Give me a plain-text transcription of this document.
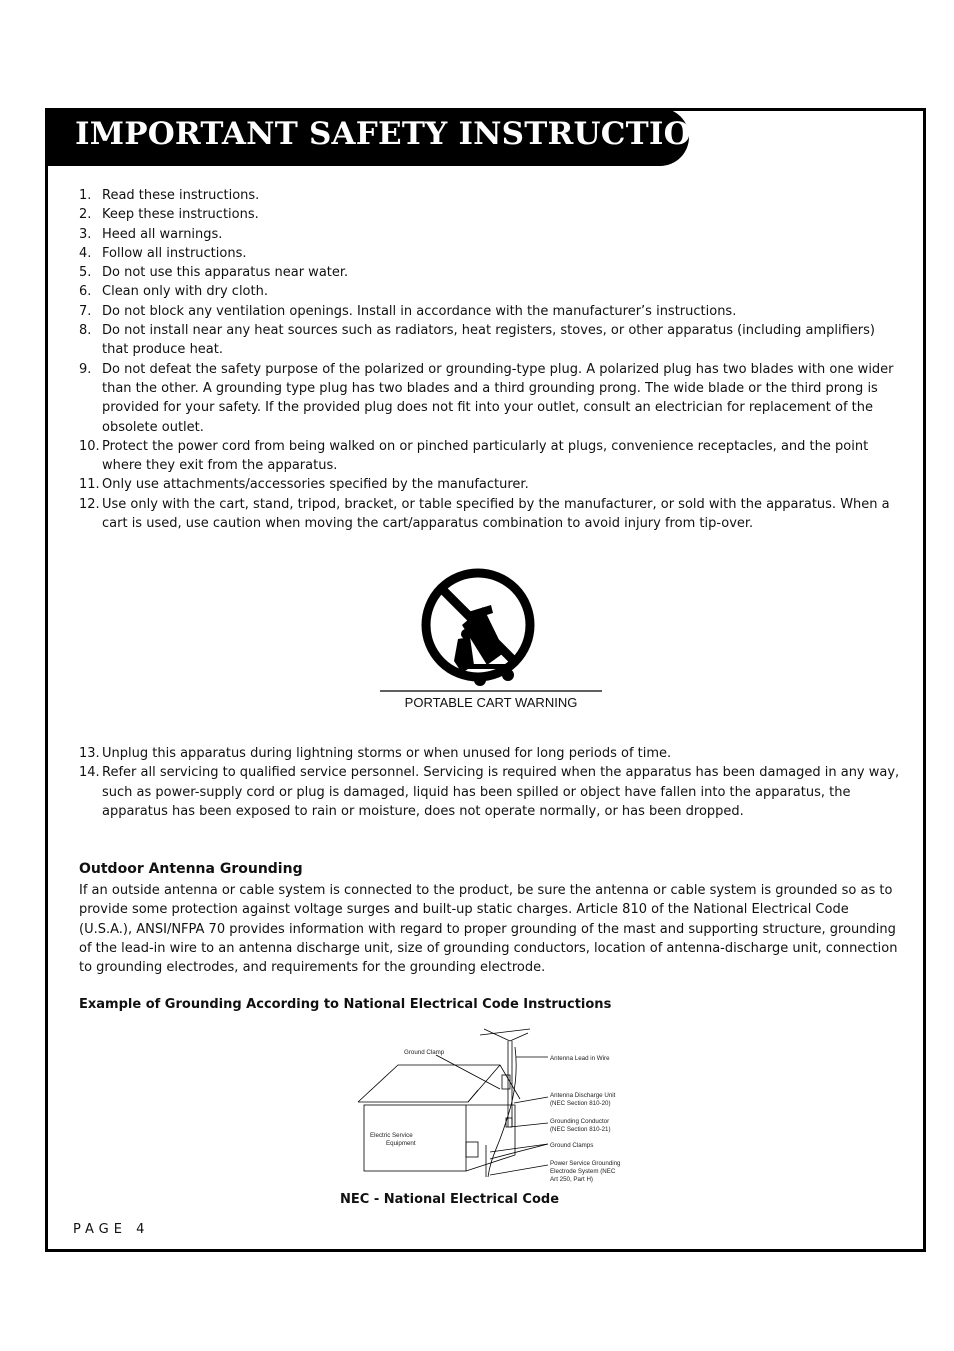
IMPORTANT SAFETY INSTRUCTIONS
1. Read these instructions.
2. Keep these instructions.
3. Heed all warnings.
4. Follow all instructions.
5. Do not use this apparatus near water.
6. Clean only with dry cloth.
7. Do not block any ventilation openings. Install in accordance with the manufacturer’s instructions.
8. Do not install near any heat sources such as radiators, heat registers, stoves, or other apparatus (including amplifiers) that produce heat.
9. Do not defeat the safety purpose of the polarized or grounding-type plug. A polarized plug has two blades with one wider than the other. A grounding type plug has two blades and a third grounding prong. The wide blade or the third prong is provided for your safety. If the provided plug does not fit into your outlet, consult an electrician for replacement of the obsolete outlet.
10. Protect the power cord from being walked on or pinched particularly at plugs, convenience receptacles, and the point where they exit from the apparatus.
11. Only use attachments/accessories specified by the manufacturer.
12. Use only with the cart, stand, tripod, bracket, or table specified by the manufacturer, or sold with the apparatus. When a cart is used, use caution when moving the cart/apparatus combination to avoid injury from tip-over.
PORTABLE CART WARNING
13. Unplug this apparatus during lightning storms or when unused for long periods of time.
14. Refer all servicing to qualified service personnel. Servicing is required when the apparatus has been damaged in any way, such as power-supply cord or plug is damaged, liquid has been spilled or object have fallen into the apparatus, the apparatus has been exposed to rain or moisture, does not operate normally, or has been dropped.
Outdoor Antenna Grounding

If an outside antenna or cable system is connected to the product, be sure the antenna or cable system is grounded so as to provide some protection against voltage surges and built-up static charges. Article 810 of the National Electrical Code (U.S.A.), ANSI/NFPA 70 provides information with regard to proper grounding of the mast and supporting structure, grounding of the lead-in wire to an antenna discharge unit, size of grounding conductors, location of antenna-discharge unit, connection to grounding electrodes, and requirements for the grounding electrode.

Example of Grounding According to National Electrical Code Instructions
Ground Clamp
Antenna Lead in Wire
Antenna Discharge Unit
(NEC Section 810-20)
Grounding Conductor
(NEC Section 810-21)
Ground Clamps
Power Service Grounding
Electrode System (NEC
Art 250, Part H)
Electric Service
Equipment

NEC - National Electrical Code

PAGE 4
